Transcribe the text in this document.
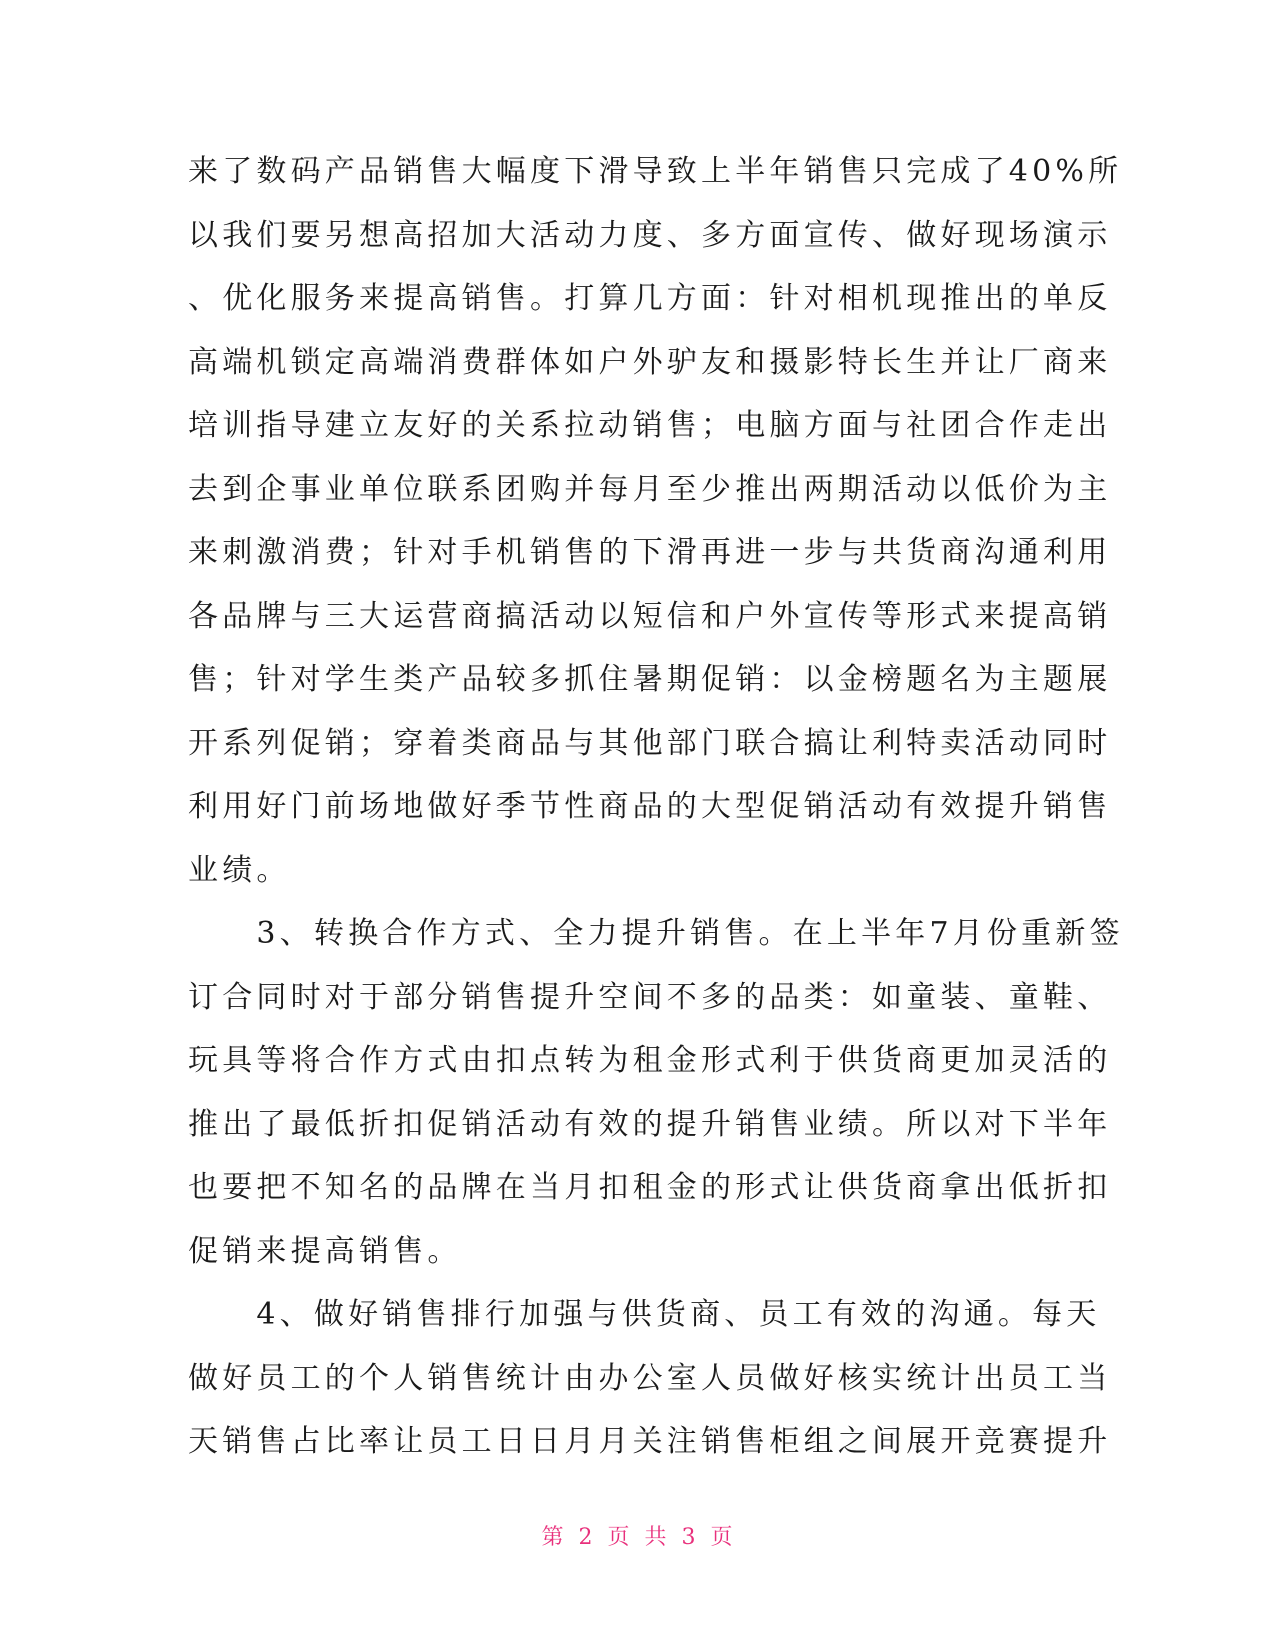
来了数码产品销售大幅度下滑导致上半年销售只完成了40%所
以我们要另想高招加大活动力度、多方面宣传、做好现场演示
、优化服务来提高销售。打算几方面：针对相机现推出的单反
高端机锁定高端消费群体如户外驴友和摄影特长生并让厂商来
培训指导建立友好的关系拉动销售；电脑方面与社团合作走出
去到企事业单位联系团购并每月至少推出两期活动以低价为主
来刺激消费；针对手机销售的下滑再进一步与共货商沟通利用
各品牌与三大运营商搞活动以短信和户外宣传等形式来提高销
售；针对学生类产品较多抓住暑期促销：以金榜题名为主题展
开系列促销；穿着类商品与其他部门联合搞让利特卖活动同时
利用好门前场地做好季节性商品的大型促销活动有效提升销售
业绩。
　　3、转换合作方式、全力提升销售。在上半年7月份重新签
订合同时对于部分销售提升空间不多的品类：如童装、童鞋、
玩具等将合作方式由扣点转为租金形式利于供货商更加灵活的
推出了最低折扣促销活动有效的提升销售业绩。所以对下半年
也要把不知名的品牌在当月扣租金的形式让供货商拿出低折扣
促销来提高销售。
　　4、做好销售排行加强与供货商、员工有效的沟通。每天
做好员工的个人销售统计由办公室人员做好核实统计出员工当
天销售占比率让员工日日月月关注销售柜组之间展开竞赛提升
第 2 页 共 3 页
